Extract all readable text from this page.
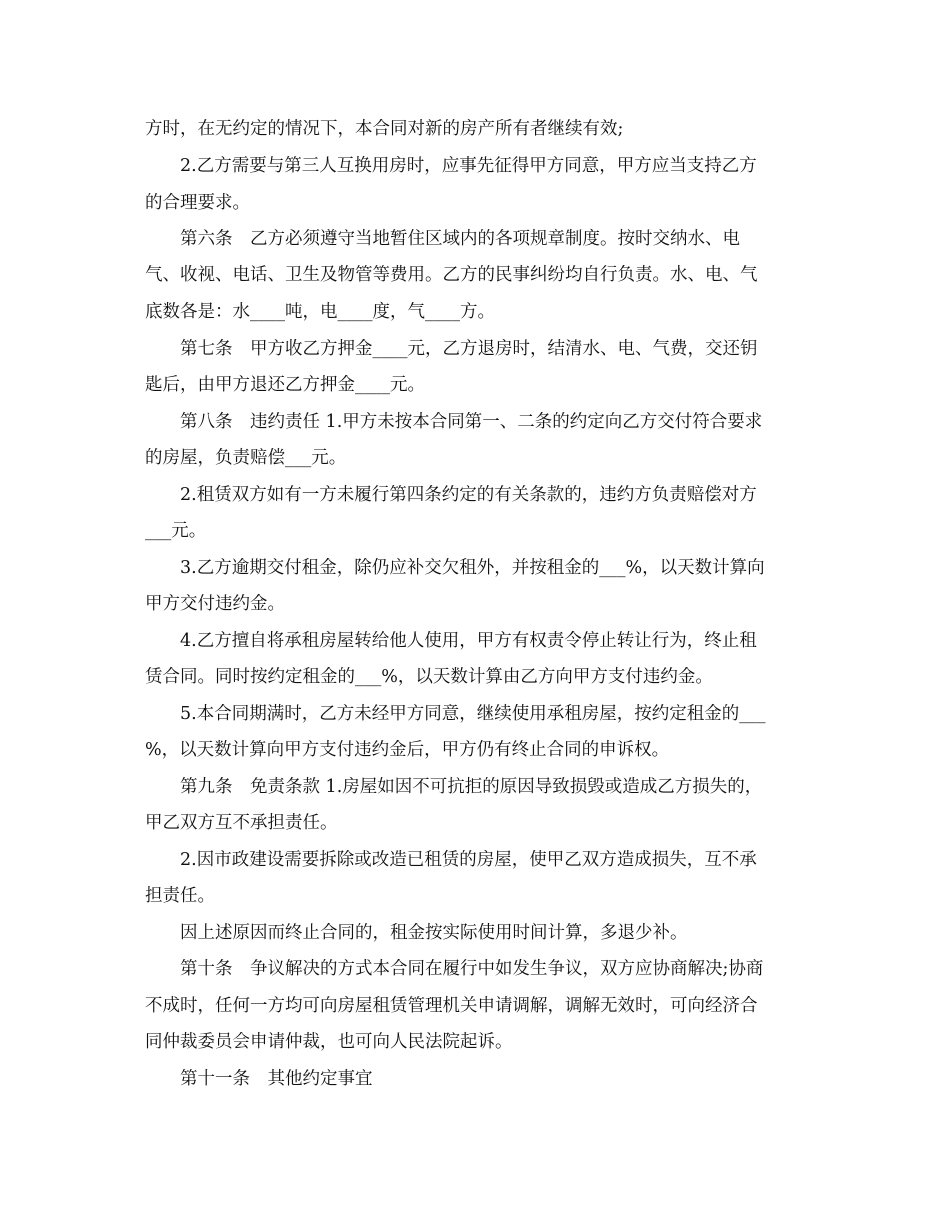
方时，在无约定的情况下，本合同对新的房产所有者继续有效;
2.乙方需要与第三人互换用房时，应事先征得甲方同意，甲方应当支持乙方
的合理要求。
第六条　乙方必须遵守当地暂住区域内的各项规章制度。按时交纳水、电
气、收视、电话、卫生及物管等费用。乙方的民事纠纷均自行负责。水、电、气
底数各是：水____吨，电____度，气____方。
第七条　甲方收乙方押金____元，乙方退房时，结清水、电、气费，交还钥
匙后，由甲方退还乙方押金____元。
第八条　违约责任 1.甲方未按本合同第一、二条的约定向乙方交付符合要求
的房屋，负责赔偿___元。
2.租赁双方如有一方未履行第四条约定的有关条款的，违约方负责赔偿对方
___元。
3.乙方逾期交付租金，除仍应补交欠租外，并按租金的___%，以天数计算向
甲方交付违约金。
4.乙方擅自将承租房屋转给他人使用，甲方有权责令停止转让行为，终止租
赁合同。同时按约定租金的___%，以天数计算由乙方向甲方支付违约金。
5.本合同期满时，乙方未经甲方同意，继续使用承租房屋，按约定租金的___
%，以天数计算向甲方支付违约金后，甲方仍有终止合同的申诉权。
第九条　免责条款 1.房屋如因不可抗拒的原因导致损毁或造成乙方损失的，
甲乙双方互不承担责任。
2.因市政建设需要拆除或改造已租赁的房屋，使甲乙双方造成损失，互不承
担责任。
因上述原因而终止合同的，租金按实际使用时间计算，多退少补。
第十条　争议解决的方式本合同在履行中如发生争议，双方应协商解决;协商
不成时，任何一方均可向房屋租赁管理机关申请调解，调解无效时，可向经济合
同仲裁委员会申请仲裁，也可向人民法院起诉。
第十一条　其他约定事宜
